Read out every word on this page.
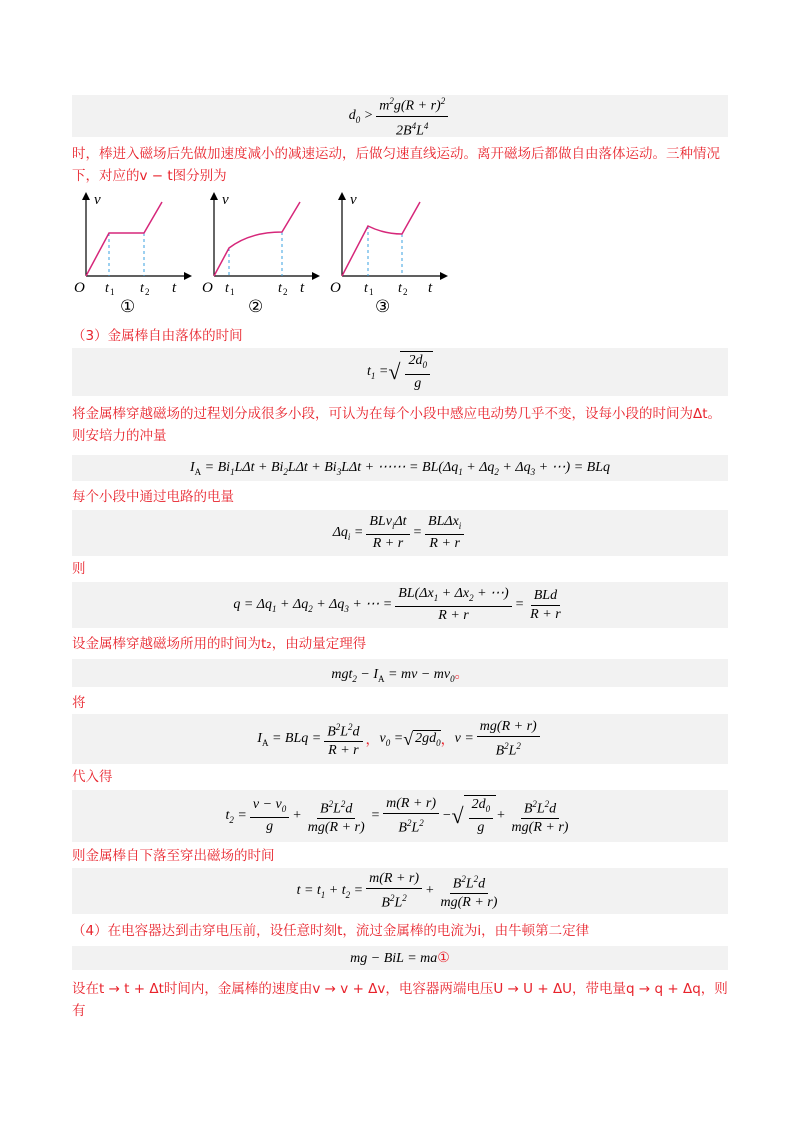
$d_0 > \frac{m^2g(R + r)^2}{2B^4L^4}$
时，棒进入磁场后先做加速度减小的减速运动，后做匀速直线运动。离开磁场后都做自由落体运动。三种情况下，对应的v − t图分别为
v
t
O t 1 t 2
①
v
t
O t 1	t 2
②
v
t
O t 1 t 2
③
（3）金属棒自由落体的时间
$t_1$ = √ $\frac{2d_0}{g}$
将金属棒穿越磁场的过程划分成很多小段，可认为在每个小段中感应电动势几乎不变，设每小段的时间为Δt。则安培力的冲量
$I_A = Bi_1L\Delta t + Bi_2L\Delta t + Bi_3L\Delta t$ + ⋯⋯ = $BL(\Delta q_1 + \Delta q_2 + \Delta q_3$ + ⋯) = BLq
每个小段中通过电路的电量
$\Delta q_i = \frac{BLv_i\Delta t}{R + r} = \frac{BL\Delta x_i}{R + r}$
则
$q = \Delta q_1 + \Delta q_2 + \Delta q_3$ + ⋯ = $\frac{BL(\Delta x_1 + \Delta x_2 + \cdots)}{R + r} = \frac{\text{BLd}}{R + r}$
设金属棒穿越磁场所用的时间为t₂，由动量定理得
$mgt_2 - I_A$ = mv − $mv_0$。
将
$I_A$ = BLq = $\frac{B^2L^2d}{R + r}$ ， $v_0$ = √ $2gd_0$ ， $v = \frac{mg(R + r)}{B^2L^2}$
代入得
$t_2 = \frac{v - v_0}{g} + \frac{B^2L^2d}{mg(R + r)} = \frac{m(R + r)}{B^2L^2}$ − √ $\frac{2d_0}{g} + \frac{B^2L^2d}{mg(R + r)}$
则金属棒自下落至穿出磁场的时间
$t = t_1 + t_2 = \frac{m(R + r)}{B^2L^2} + \frac{B^2L^2d}{mg(R + r)}$
（4）在电容器达到击穿电压前，设任意时刻t，流过金属棒的电流为i，由牛顿第二定律
mg − BiL = ma①
设在t → t + Δt时间内，金属棒的速度由v → v + Δv，电容器两端电压U → U + ΔU，带电量q → q + Δq，则有
